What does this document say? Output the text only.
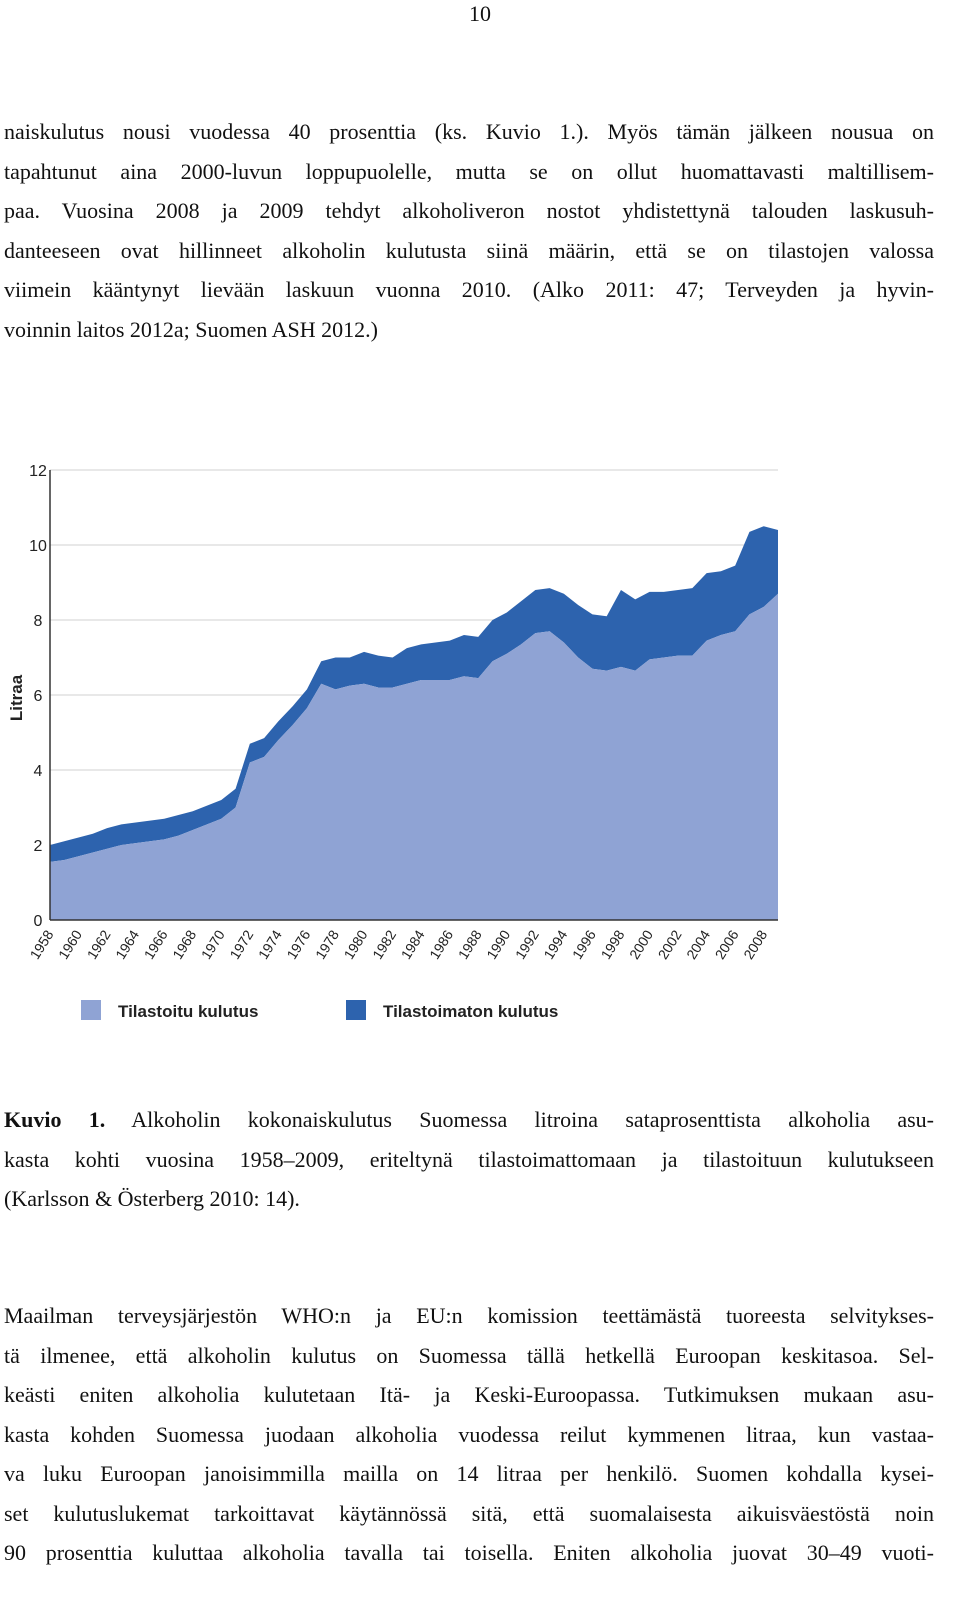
10
naiskulutus nousi vuodessa 40 prosenttia (ks. Kuvio 1.). Myös tämän jälkeen nousua on
tapahtunut aina 2000-luvun loppupuolelle, mutta se on ollut huomattavasti maltillisem-
paa. Vuosina 2008 ja 2009 tehdyt alkoholiveron nostot yhdistettynä talouden laskusuh-
danteeseen ovat hillinneet alkoholin kulutusta siinä määrin, että se on tilastojen valossa
viimein kääntynyt lievään laskuun vuonna 2010. (Alko 2011: 47; Terveyden ja hyvin-
voinnin laitos 2012a; Suomen ASH 2012.)
0
2
4
6
8
10
12
1958
1960
1962
1964
1966
1968
1970
1972
1974
1976
1978
1980
1982
1984
1986
1988
1990
1992
1994
1996
1998
2000
2002
2004
2006
2008
Litraa
Tilastoitu kulutus	Tilastoimaton kulutus
Kuvio 1. Alkoholin kokonaiskulutus Suomessa litroina sataprosenttista alkoholia asu-
kasta kohti vuosina 1958–2009, eriteltynä tilastoimattomaan ja tilastoituun kulutukseen
(Karlsson & Österberg 2010: 14).
Maailman terveysjärjestön WHO:n ja EU:n komission teettämästä tuoreesta selvitykses-
tä ilmenee, että alkoholin kulutus on Suomessa tällä hetkellä Euroopan keskitasoa. Sel-
keästi eniten alkoholia kulutetaan Itä- ja Keski-Euroopassa. Tutkimuksen mukaan asu-
kasta kohden Suomessa juodaan alkoholia vuodessa reilut kymmenen litraa, kun vastaa-
va luku Euroopan janoisimmilla mailla on 14 litraa per henkilö. Suomen kohdalla kysei-
set kulutuslukemat tarkoittavat käytännössä sitä, että suomalaisesta aikuisväestöstä noin
90 prosenttia kuluttaa alkoholia tavalla tai toisella. Eniten alkoholia juovat 30–49 vuoti-
